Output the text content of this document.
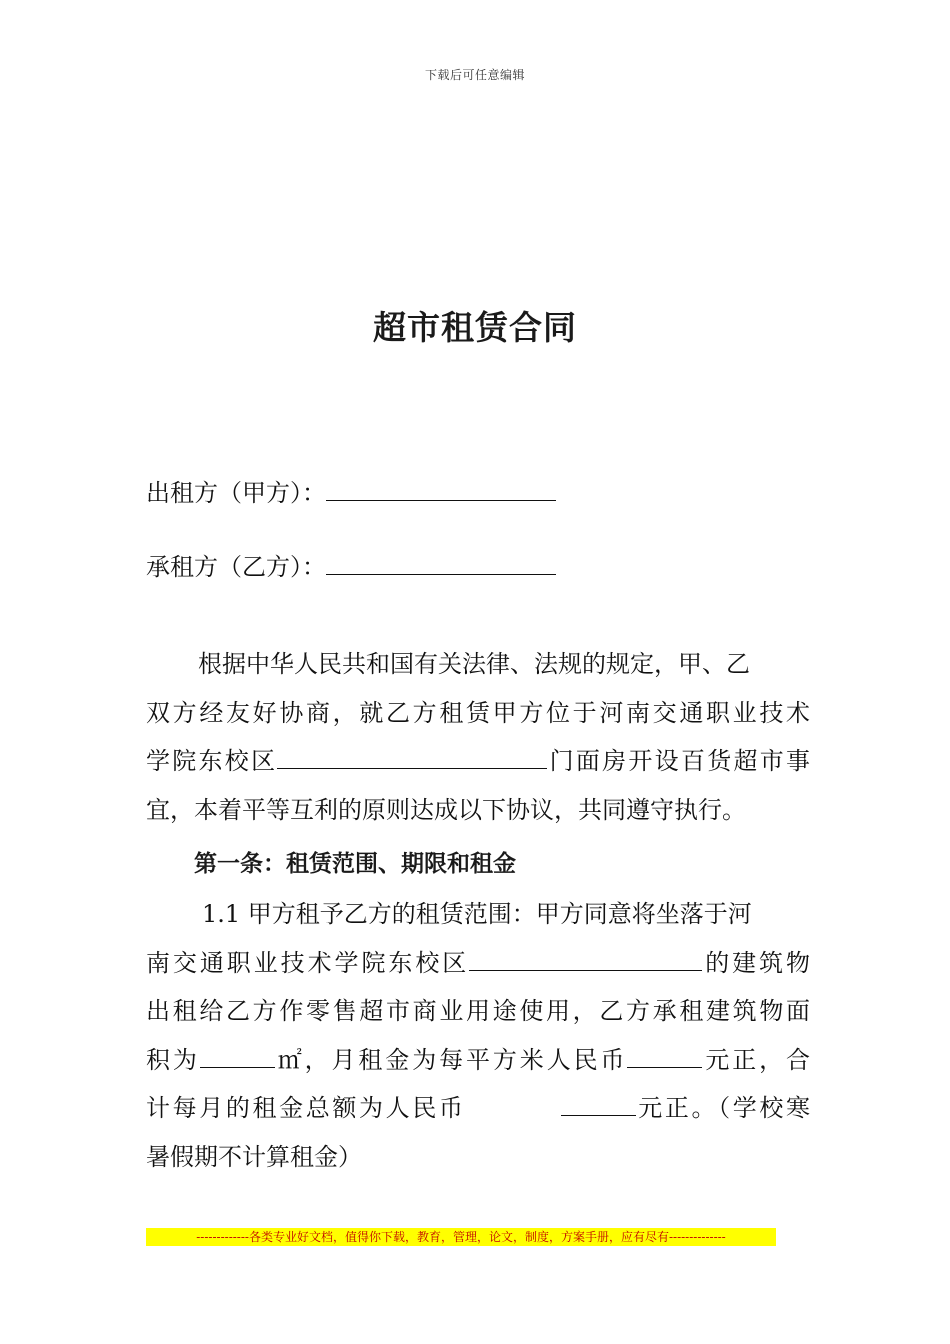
下载后可任意编辑
超市租赁合同
出租方（甲方）：
承租方（乙方）：
根据中华人民共和国有关法律、法规的规定，甲、乙
双方经友好协商，就乙方租赁甲方位于河南交通职业技术
学院东校区	门面房开设百货超市事
宜，本着平等互利的原则达成以下协议，共同遵守执行。
第一条：租赁范围、期限和租金
1.1 甲方租予乙方的租赁范围：甲方同意将坐落于河
南交通职业技术学院东校区	的建筑物
出租给乙方作零售超市商业用途使用，乙方承租建筑物面
积为	㎡，月租金为每平方米人民币	元正，合
计每月的租金总额为人民币	元正。（学校寒
暑假期不计算租金）
-------------各类专业好文档，值得你下载，教育，管理，论文，制度，方案手册，应有尽有--------------
